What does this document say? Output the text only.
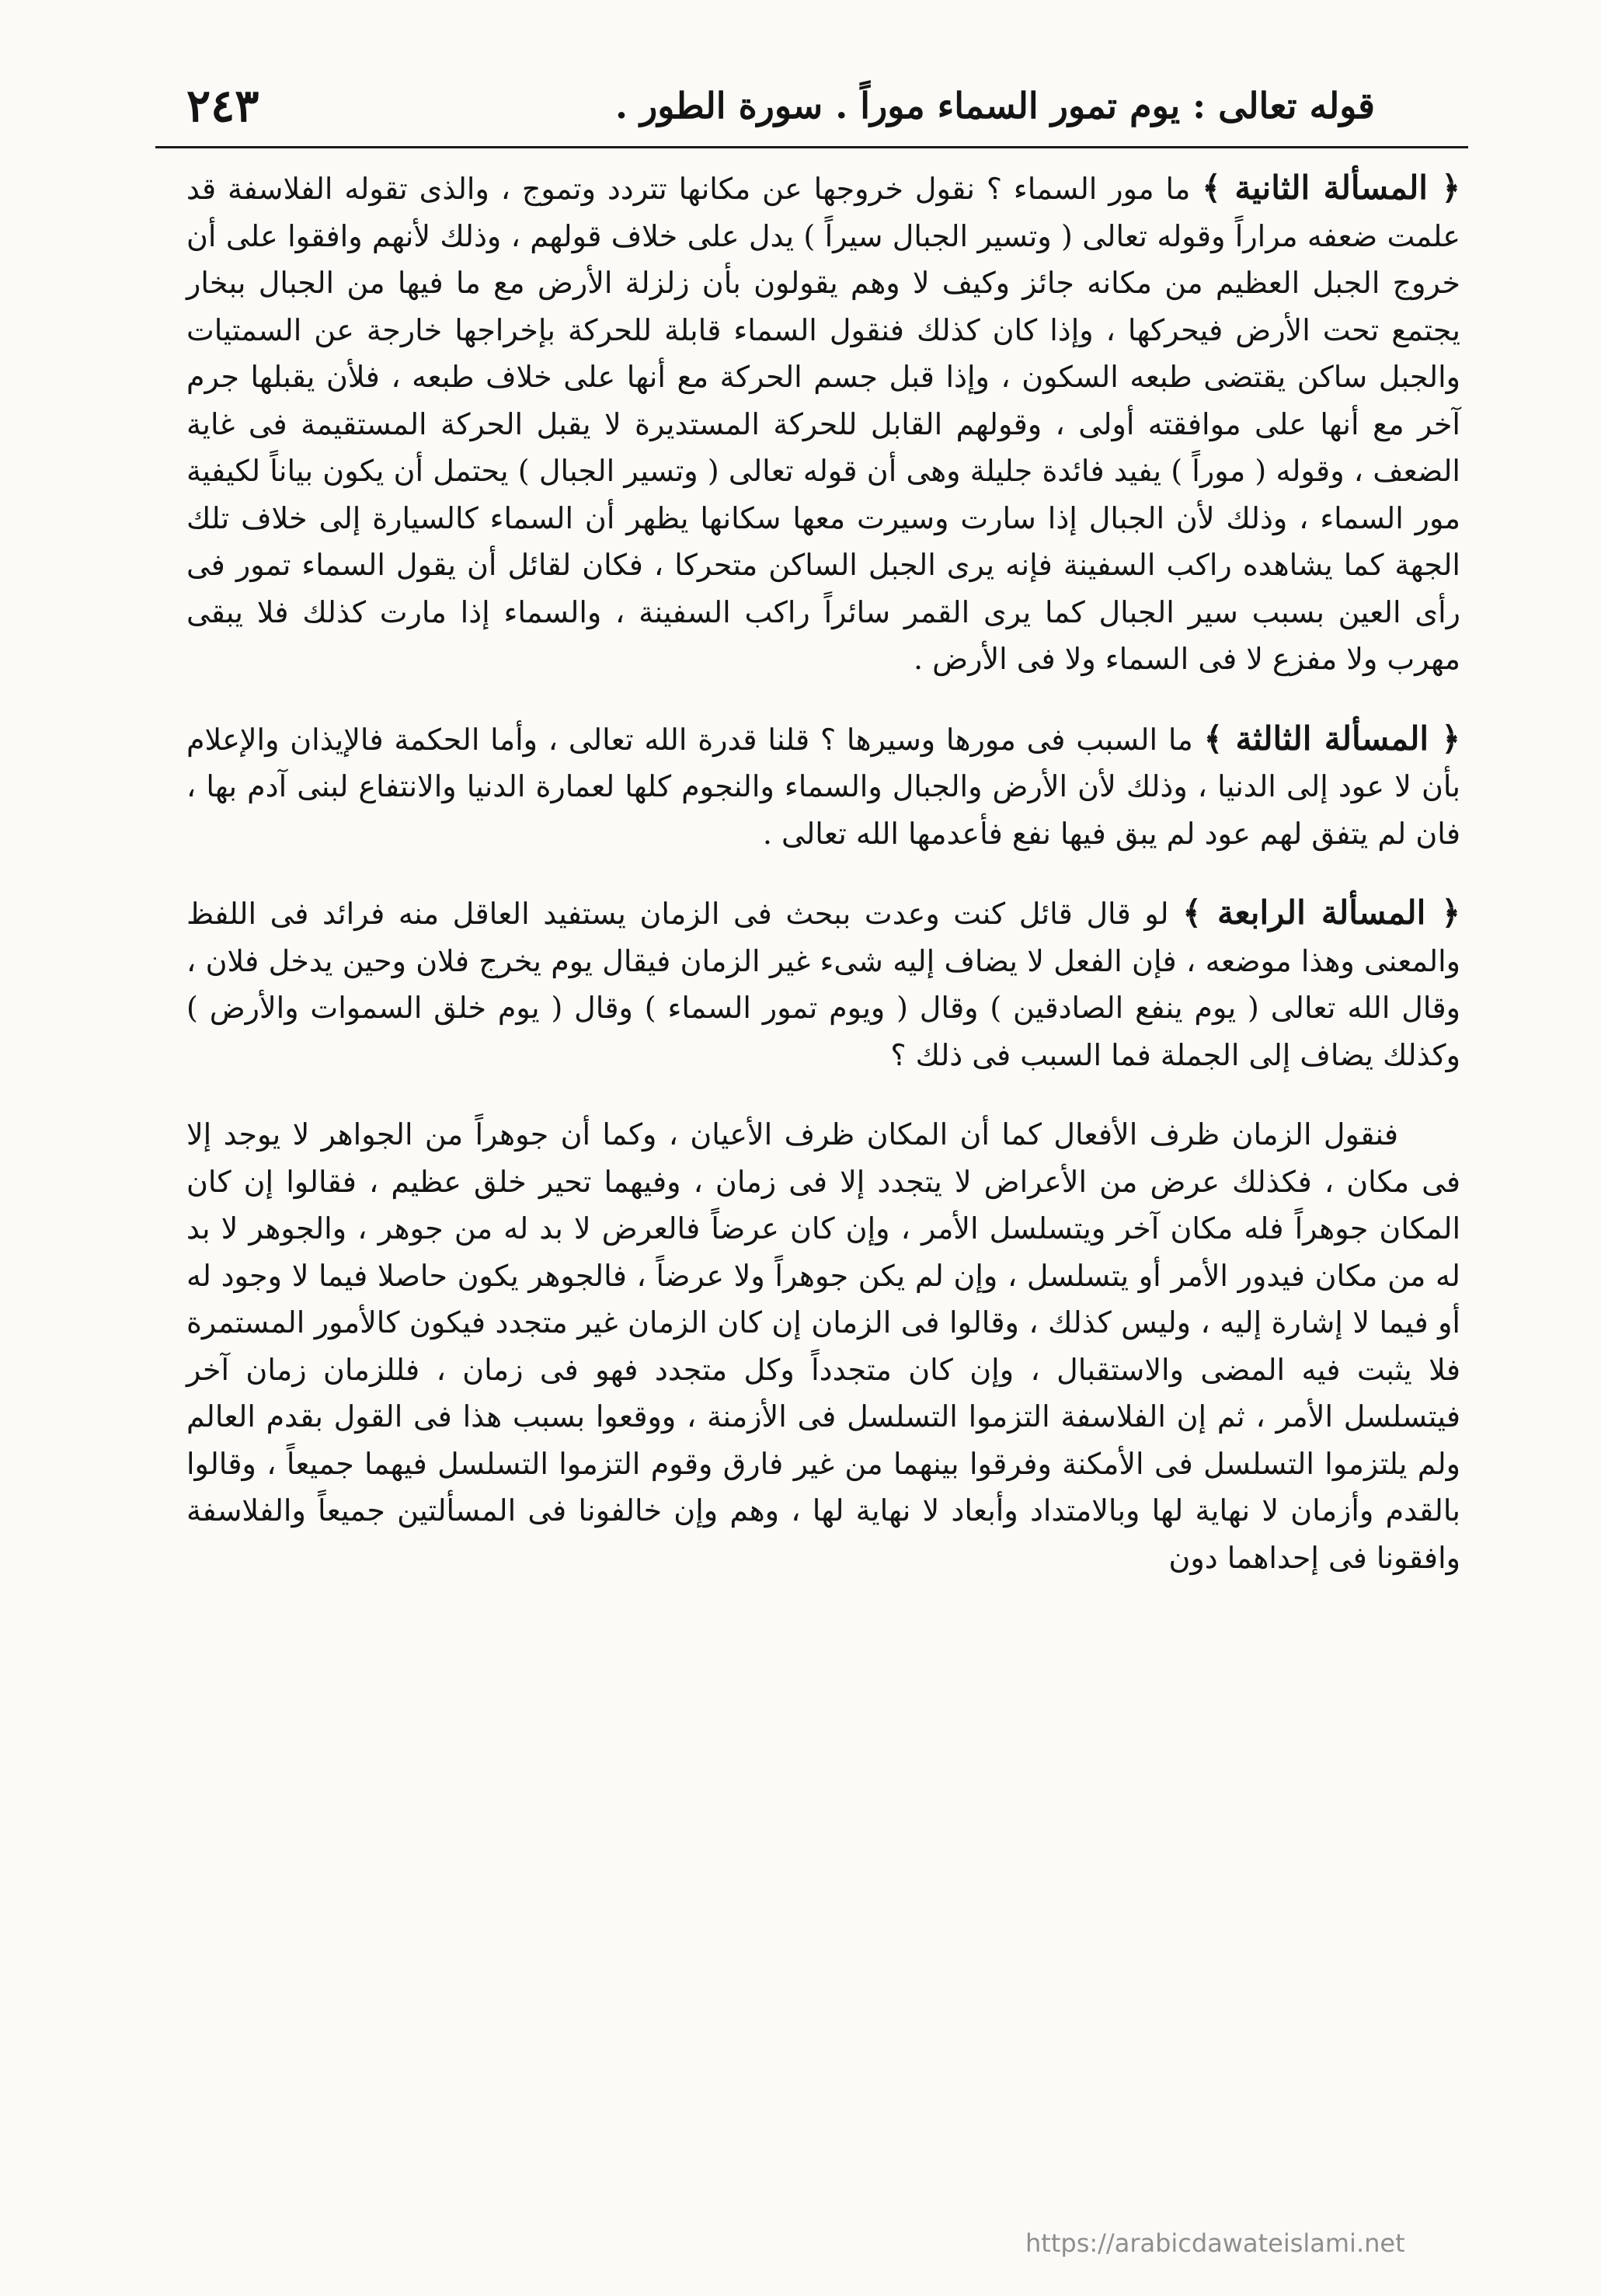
قوله تعالى : يوم تمور السماء موراً . سورة الطور .
٢٤٣

﴿ المسألة الثانية ﴾ ما مور السماء ؟ نقول خروجها عن مكانها تتردد وتموج ، والذى تقوله الفلاسفة قد علمت ضعفه مراراً وقوله تعالى ( وتسير الجبال سيراً ) يدل على خلاف قولهم ، وذلك لأنهم وافقوا على أن خروج الجبل العظيم من مكانه جائز وكيف لا وهم يقولون بأن زلزلة الأرض مع ما فيها من الجبال ببخار يجتمع تحت الأرض فيحركها ، وإذا كان كذلك فنقول السماء قابلة للحركة بإخراجها خارجة عن السمتيات والجبل ساكن يقتضى طبعه السكون ، وإذا قبل جسم الحركة مع أنها على خلاف طبعه ، فلأن يقبلها جرم آخر مع أنها على موافقته أولى ، وقولهم القابل للحركة المستديرة لا يقبل الحركة المستقيمة فى غاية الضعف ، وقوله ( موراً ) يفيد فائدة جليلة وهى أن قوله تعالى ( وتسير الجبال ) يحتمل أن يكون بياناً لكيفية مور السماء ، وذلك لأن الجبال إذا سارت وسيرت معها سكانها يظهر أن السماء كالسيارة إلى خلاف تلك الجهة كما يشاهده راكب السفينة فإنه يرى الجبل الساكن متحركا ، فكان لقائل أن يقول السماء تمور فى رأى العين بسبب سير الجبال كما يرى القمر سائراً راكب السفينة ، والسماء إذا مارت كذلك فلا يبقى مهرب ولا مفزع لا فى السماء ولا فى الأرض .

﴿ المسألة الثالثة ﴾ ما السبب فى مورها وسيرها ؟ قلنا قدرة الله تعالى ، وأما الحكمة فالإيذان والإعلام بأن لا عود إلى الدنيا ، وذلك لأن الأرض والجبال والسماء والنجوم كلها لعمارة الدنيا والانتفاع لبنى آدم بها ، فان لم يتفق لهم عود لم يبق فيها نفع فأعدمها الله تعالى .

﴿ المسألة الرابعة ﴾ لو قال قائل كنت وعدت ببحث فى الزمان يستفيد العاقل منه فرائد فى اللفظ والمعنى وهذا موضعه ، فإن الفعل لا يضاف إليه شىء غير الزمان فيقال يوم يخرج فلان وحين يدخل فلان ، وقال الله تعالى ( يوم ينفع الصادقين ) وقال ( ويوم تمور السماء ) وقال ( يوم خلق السموات والأرض ) وكذلك يضاف إلى الجملة فما السبب فى ذلك ؟

فنقول الزمان ظرف الأفعال كما أن المكان ظرف الأعيان ، وكما أن جوهراً من الجواهر لا يوجد إلا فى مكان ، فكذلك عرض من الأعراض لا يتجدد إلا فى زمان ، وفيهما تحير خلق عظيم ، فقالوا إن كان المكان جوهراً فله مكان آخر ويتسلسل الأمر ، وإن كان عرضاً فالعرض لا بد له من جوهر ، والجوهر لا بد له من مكان فيدور الأمر أو يتسلسل ، وإن لم يكن جوهراً ولا عرضاً ، فالجوهر يكون حاصلا فيما لا وجود له أو فيما لا إشارة إليه ، وليس كذلك ، وقالوا فى الزمان إن كان الزمان غير متجدد فيكون كالأمور المستمرة فلا يثبت فيه المضى والاستقبال ، وإن كان متجدداً وكل متجدد فهو فى زمان ، فللزمان زمان آخر فيتسلسل الأمر ، ثم إن الفلاسفة التزموا التسلسل فى الأزمنة ، ووقعوا بسبب هذا فى القول بقدم العالم ولم يلتزموا التسلسل فى الأمكنة وفرقوا بينهما من غير فارق وقوم التزموا التسلسل فيهما جميعاً ، وقالوا بالقدم وأزمان لا نهاية لها وبالامتداد وأبعاد لا نهاية لها ، وهم وإن خالفونا فى المسألتين جميعاً والفلاسفة وافقونا فى إحداهما دون

https://arabicdawateislami.net
